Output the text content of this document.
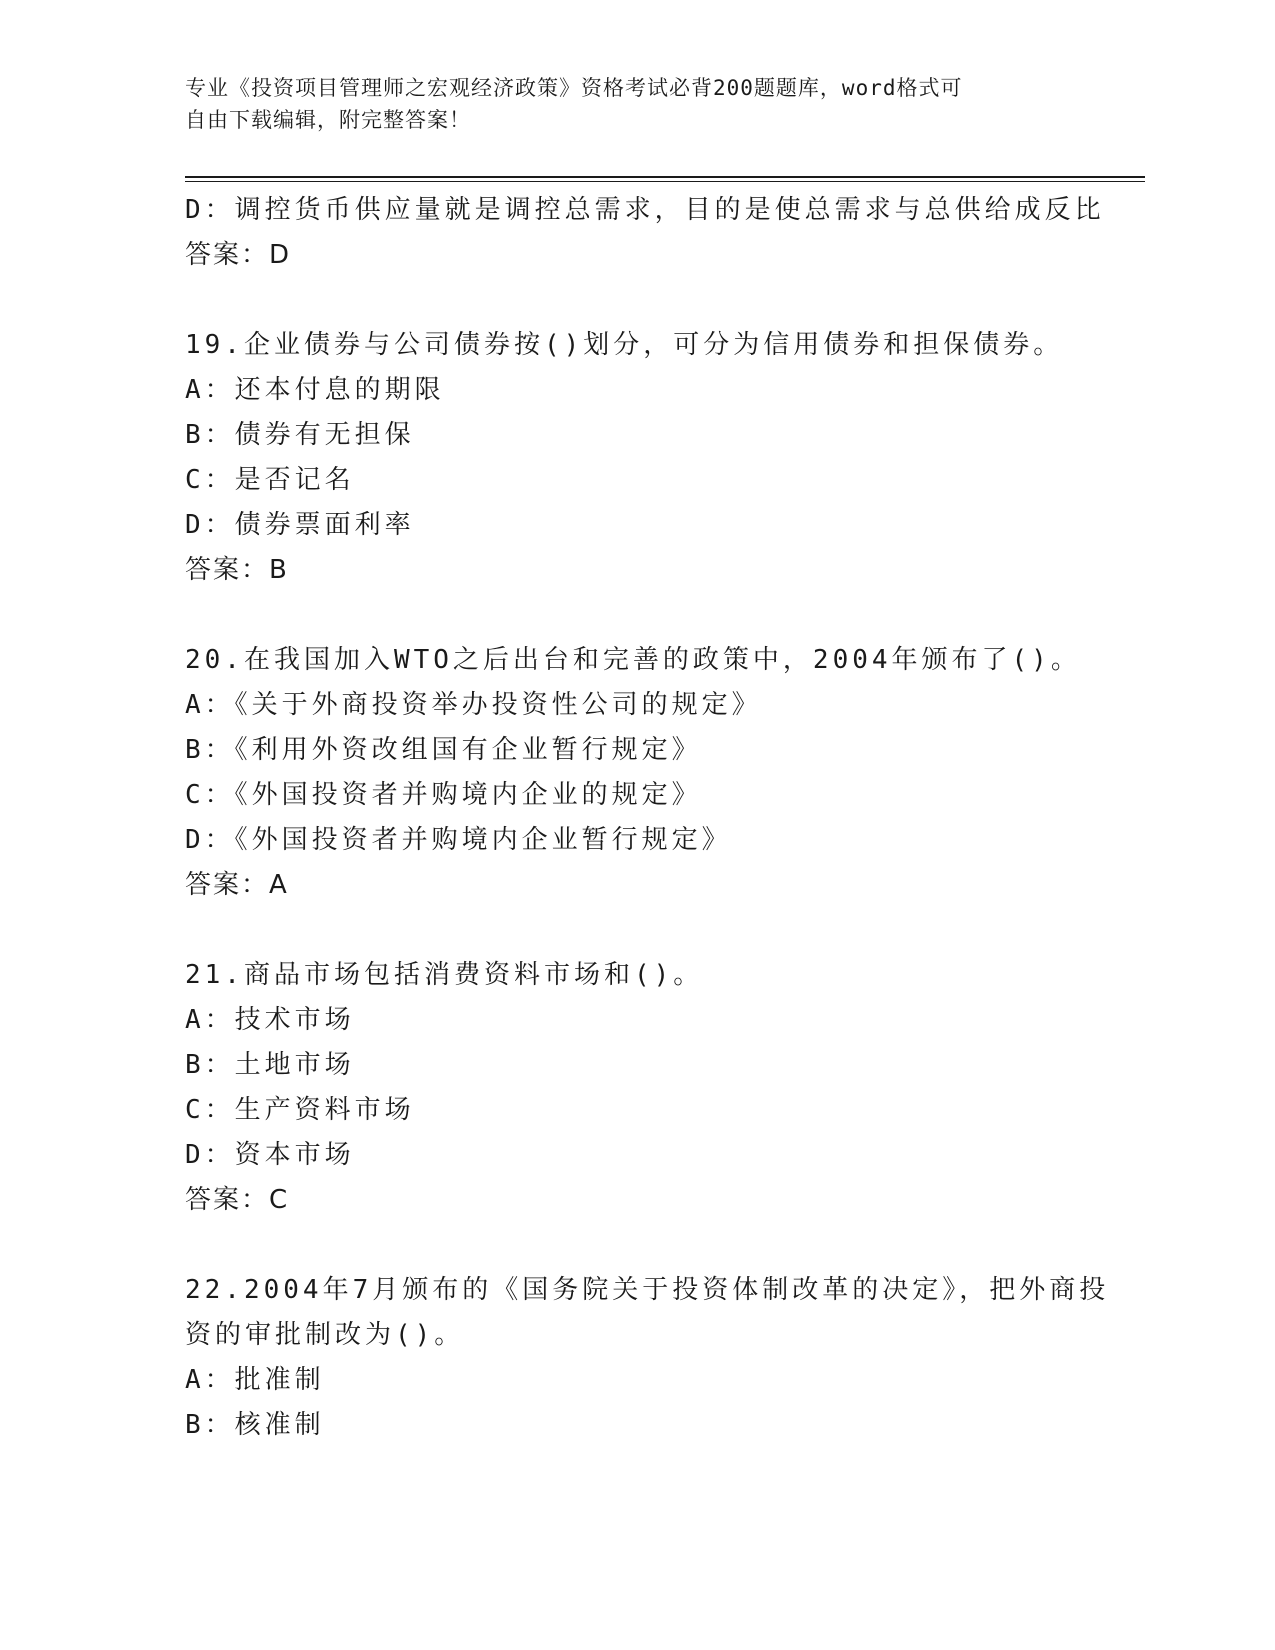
专业《投资项目管理师之宏观经济政策》资格考试必背200题题库，word格式可
自由下载编辑，附完整答案！
D：调控货币供应量就是调控总需求，目的是使总需求与总供给成反比
答案：D
19.企业债券与公司债券按()划分，可分为信用债券和担保债券。
A：还本付息的期限
B：债券有无担保
C：是否记名
D：债券票面利率
答案：B
20.在我国加入WTO之后出台和完善的政策中，2004年颁布了()。
A：《关于外商投资举办投资性公司的规定》
B：《利用外资改组国有企业暂行规定》
C：《外国投资者并购境内企业的规定》
D：《外国投资者并购境内企业暂行规定》
答案：A
21.商品市场包括消费资料市场和()。
A：技术市场
B：土地市场
C：生产资料市场
D：资本市场
答案：C
22.2004年7月颁布的《国务院关于投资体制改革的决定》，把外商投
资的审批制改为()。
A：批准制
B：核准制
